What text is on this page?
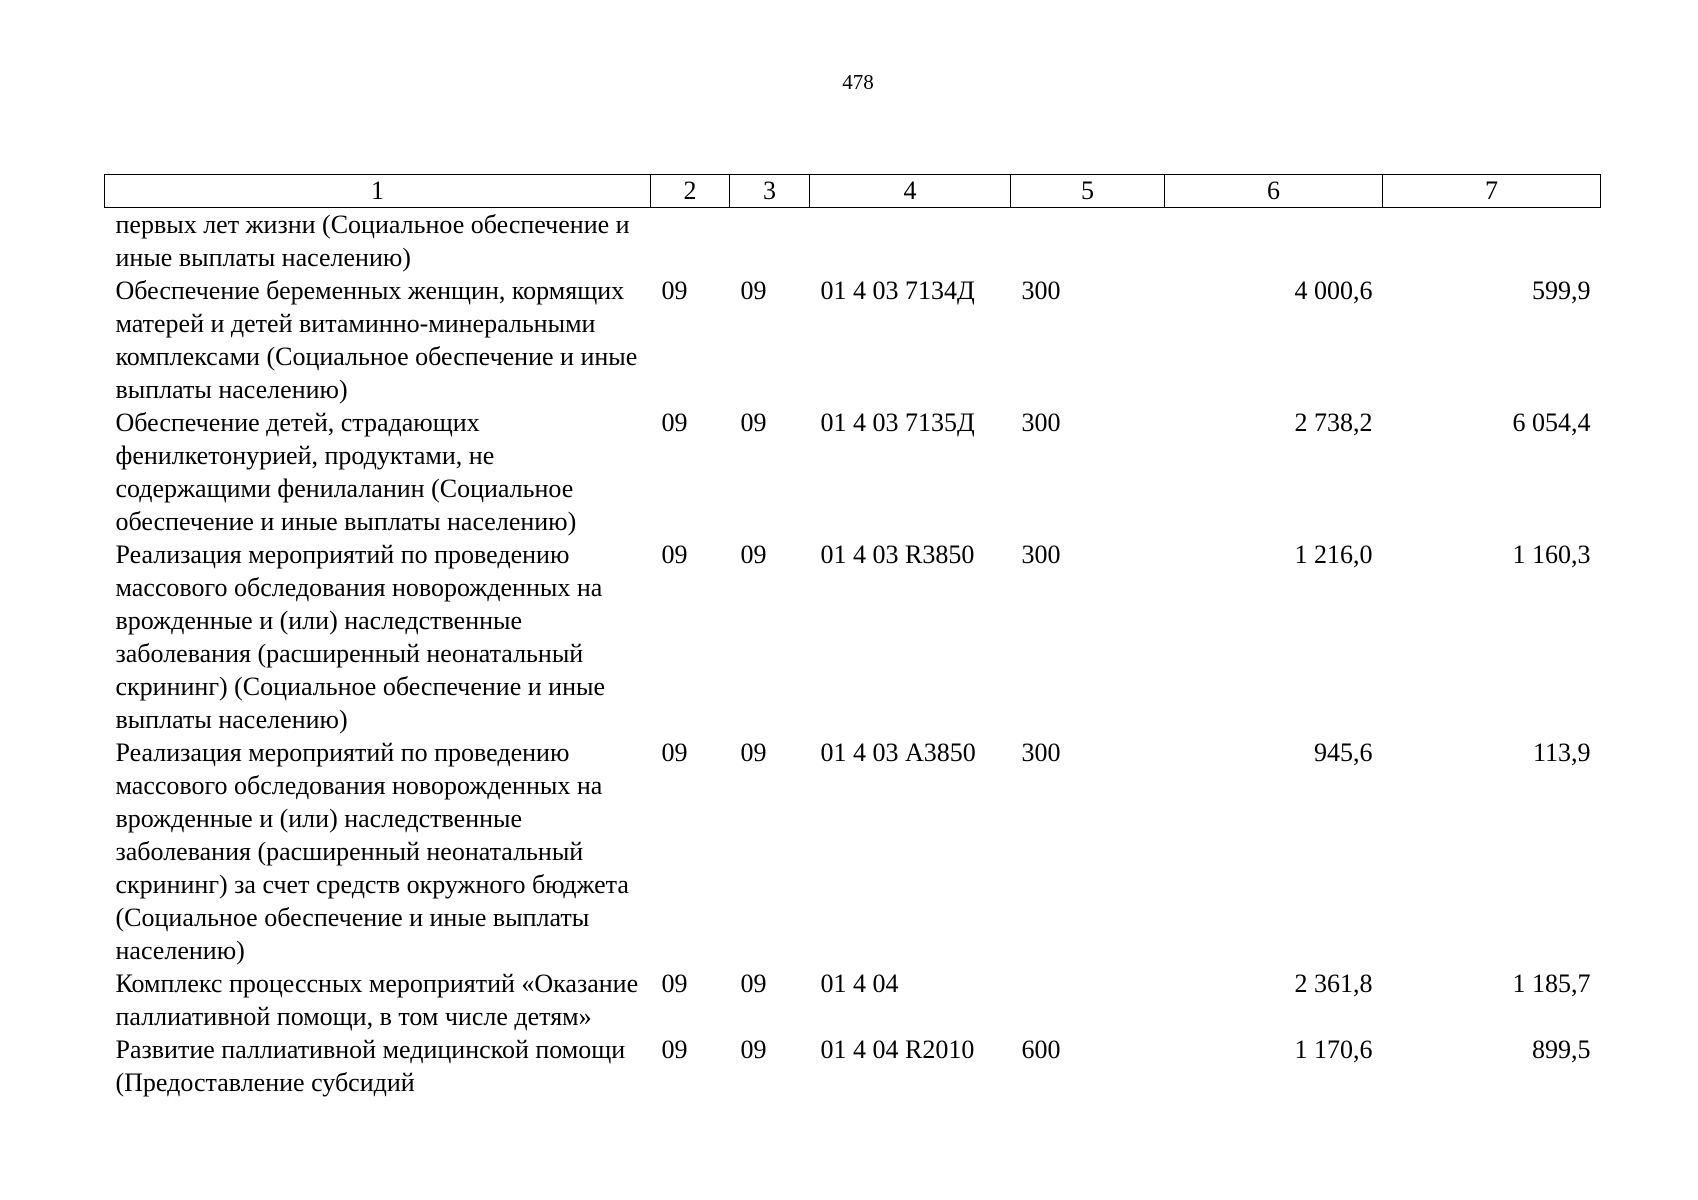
478
1	2	3	4	5	6	7
первых лет жизни (Социальное обеспечение и иные выплаты населению)						
Обеспечение беременных женщин, кормящих матерей и детей витаминно-минеральными комплексами (Социальное обеспечение и иные выплаты населению)	09	09	01 4 03 7134Д	300	4 000,6	599,9
Обеспечение детей, страдающих фенилкетонурией, продуктами, не содержащими фенилаланин (Социальное обеспечение и иные выплаты населению)	09	09	01 4 03 7135Д	300	2 738,2	6 054,4
Реализация мероприятий по проведению массового обследования новорожденных на врожденные и (или) наследственные заболевания (расширенный неонатальный скрининг) (Социальное обеспечение и иные выплаты населению)	09	09	01 4 03 R3850	300	1 216,0	1 160,3
Реализация мероприятий по проведению массового обследования новорожденных на врожденные и (или) наследственные заболевания (расширенный неонатальный скрининг) за счет средств окружного бюджета (Социальное обеспечение и иные выплаты населению)	09	09	01 4 03 А3850	300	945,6	113,9
Комплекс процессных мероприятий «Оказание паллиативной помощи, в том числе детям»	09	09	01 4 04		2 361,8	1 185,7
Развитие паллиативной медицинской помощи (Предоставление субсидий	09	09	01 4 04 R2010	600	1 170,6	899,5
